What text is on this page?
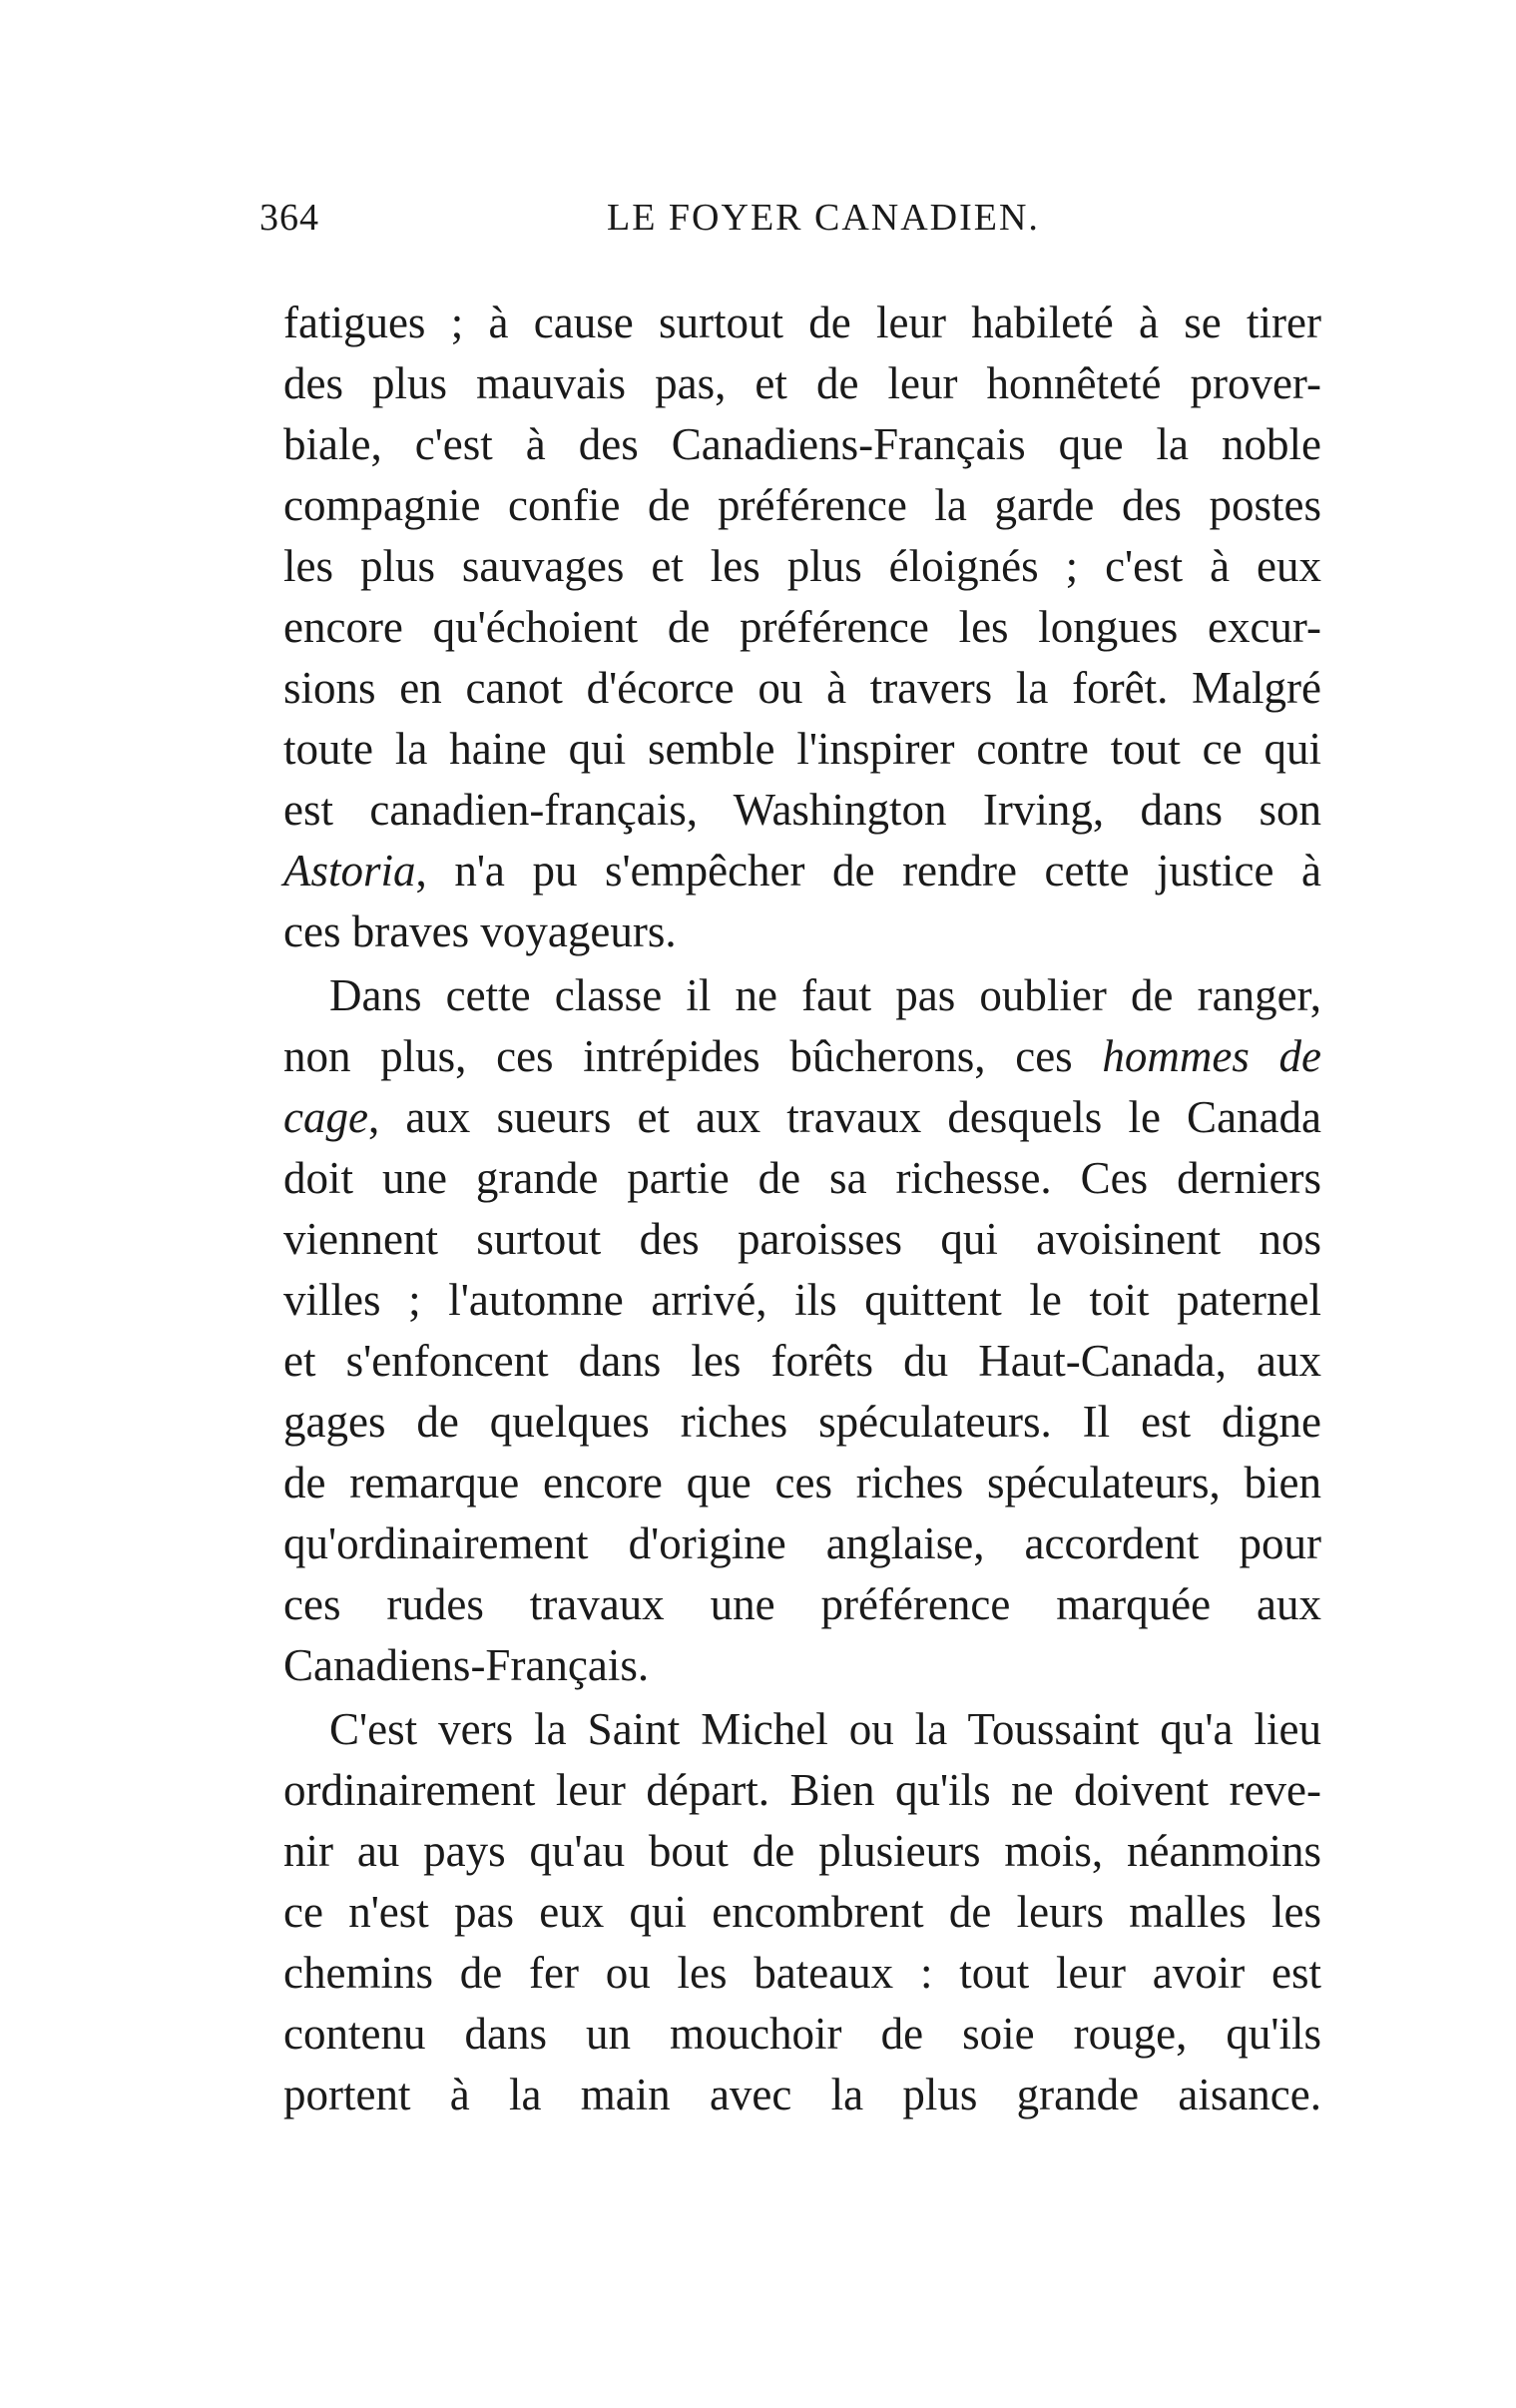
364	LE FOYER CANADIEN.
fatigues ; à cause surtout de leur habileté à se tirer
des plus mauvais pas, et de leur honnêteté prover-
biale, c'est à des Canadiens-Français que la noble
compagnie confie de préférence la garde des postes
les plus sauvages et les plus éloignés ; c'est à eux
encore qu'échoient de préférence les longues excur-
sions en canot d'écorce ou à travers la forêt. Malgré
toute la haine qui semble l'inspirer contre tout ce qui
est canadien-français, Washington Irving, dans son
Astoria, n'a pu s'empêcher de rendre cette justice à
ces braves voyageurs.
Dans cette classe il ne faut pas oublier de ranger,
non plus, ces intrépides bûcherons, ces hommes de
cage, aux sueurs et aux travaux desquels le Canada
doit une grande partie de sa richesse. Ces derniers
viennent surtout des paroisses qui avoisinent nos
villes ; l'automne arrivé, ils quittent le toit paternel
et s'enfoncent dans les forêts du Haut-Canada, aux
gages de quelques riches spéculateurs. Il est digne
de remarque encore que ces riches spéculateurs, bien
qu'ordinairement d'origine anglaise, accordent pour
ces rudes travaux une préférence marquée aux
Canadiens-Français.
C'est vers la Saint Michel ou la Toussaint qu'a lieu
ordinairement leur départ. Bien qu'ils ne doivent reve-
nir au pays qu'au bout de plusieurs mois, néanmoins
ce n'est pas eux qui encombrent de leurs malles les
chemins de fer ou les bateaux : tout leur avoir est
contenu dans un mouchoir de soie rouge, qu'ils
portent à la main avec la plus grande aisance.
